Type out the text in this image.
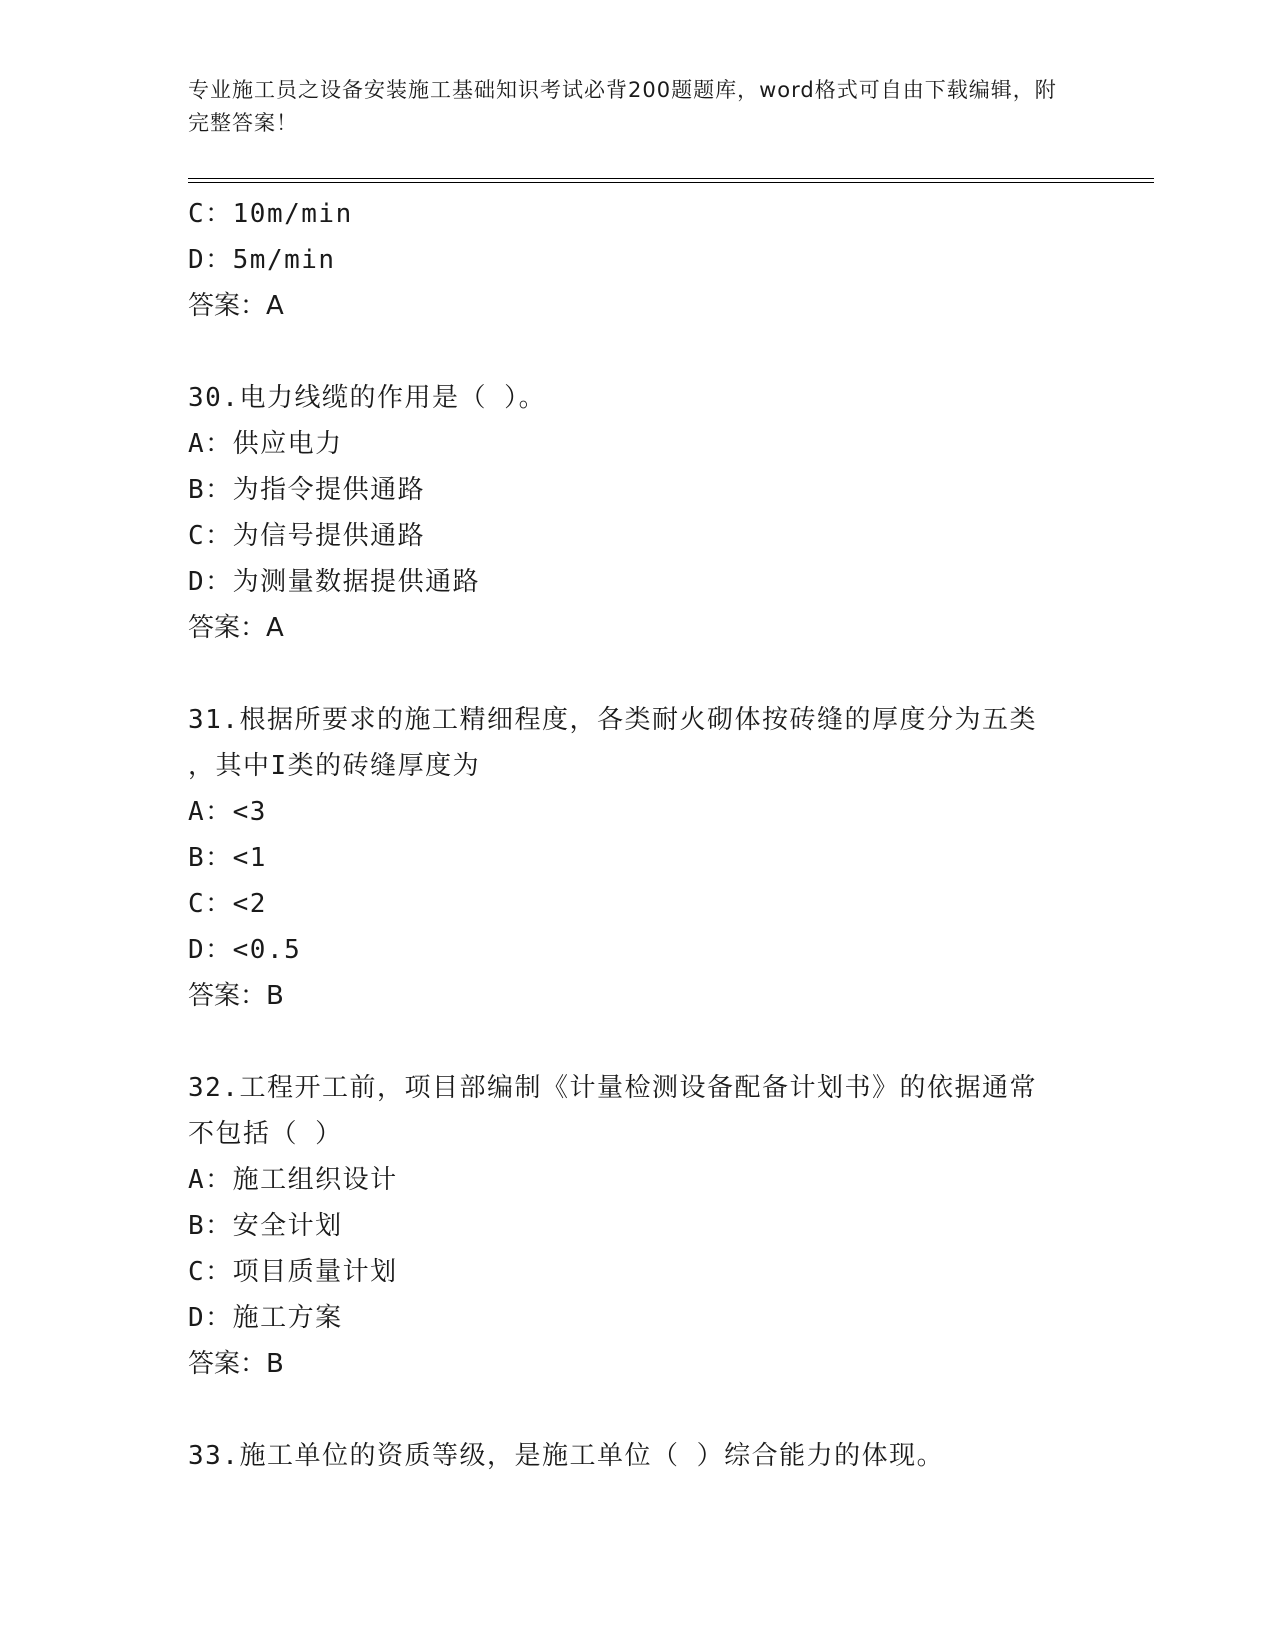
专业施工员之设备安装施工基础知识考试必背200题题库，word格式可自由下载编辑，附完整答案！
C：10m/min
D：5m/min
答案：A
30.电力线缆的作用是（ ）。
A：供应电力
B：为指令提供通路
C：为信号提供通路
D：为测量数据提供通路
答案：A
31.根据所要求的施工精细程度，各类耐火砌体按砖缝的厚度分为五类
，其中I类的砖缝厚度为
A：<3
B：<1
C：<2
D：<0.5
答案：B
32.工程开工前，项目部编制《计量检测设备配备计划书》的依据通常
不包括（ ）
A：施工组织设计
B：安全计划
C：项目质量计划
D：施工方案
答案：B
33.施工单位的资质等级，是施工单位（ ）综合能力的体现。
